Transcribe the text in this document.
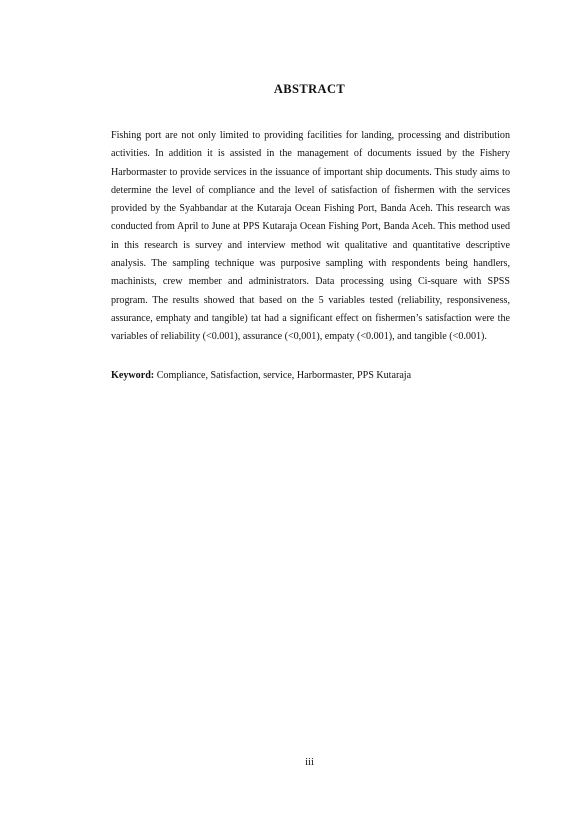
ABSTRACT

Fishing port are not only limited to providing facilities for landing, processing and distribution activities. In addition it is assisted in the management of documents issued by the Fishery Harbormaster to provide services in the issuance of important ship documents. This study aims to determine the level of compliance and the level of satisfaction of fishermen with the services provided by the Syahbandar at the Kutaraja Ocean Fishing Port, Banda Aceh. This research was conducted from April to June at PPS Kutaraja Ocean Fishing Port, Banda Aceh. This method used in this research is survey and interview method wit qualitative and quantitative descriptive analysis. The sampling technique was purposive sampling with respondents being handlers, machinists, crew member and administrators. Data processing using Ci-square with SPSS program. The results showed that based on the 5 variables tested (reliability, responsiveness, assurance, emphaty and tangible) tat had a significant effect on fishermen’s satisfaction were the variables of reliability (<0.001), assurance (<0,001), empaty (<0.001), and tangible (<0.001).

Keyword: Compliance, Satisfaction, service, Harbormaster, PPS Kutaraja

iii
